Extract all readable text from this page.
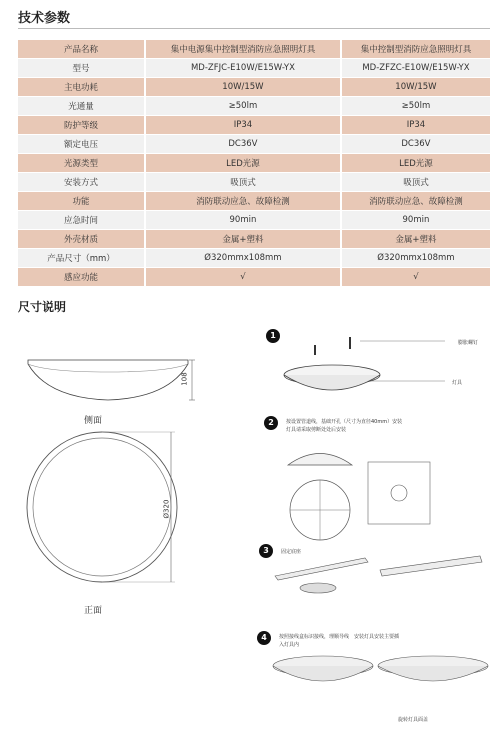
技术参数
产品名称	集中电源集中控制型消防应急照明灯具	集中控制型消防应急照明灯具
型号	MD-ZFJC-E10W/E15W-YX	MD-ZFZC-E10W/E15W-YX
主电功耗	10W/15W	10W/15W
光通量	≥50lm	≥50lm
防护等级	IP34	IP34
额定电压	DC36V	DC36V
光源类型	LED光源	LED光源
安装方式	吸顶式	吸顶式
功能	消防联动应急、故障检测	消防联动应急、故障检测
应急时间	90min	90min
外壳材质	金属+塑料	金属+塑料
产品尺寸（mm）	Ø320mmx108mm	Ø320mmx108mm
感应功能	√	√
尺寸说明
108
侧面
Ø320
正面
1
膨胀螺钉
灯具
2	按设置管道线，基础开孔（尺寸为直径40mm）安装灯具请采取剪断处处后安装
3	固定底座
4	按照接线盒标识接线，理顺导线　安装灯具安装主要插入灯具内
旋转灯具面盖
